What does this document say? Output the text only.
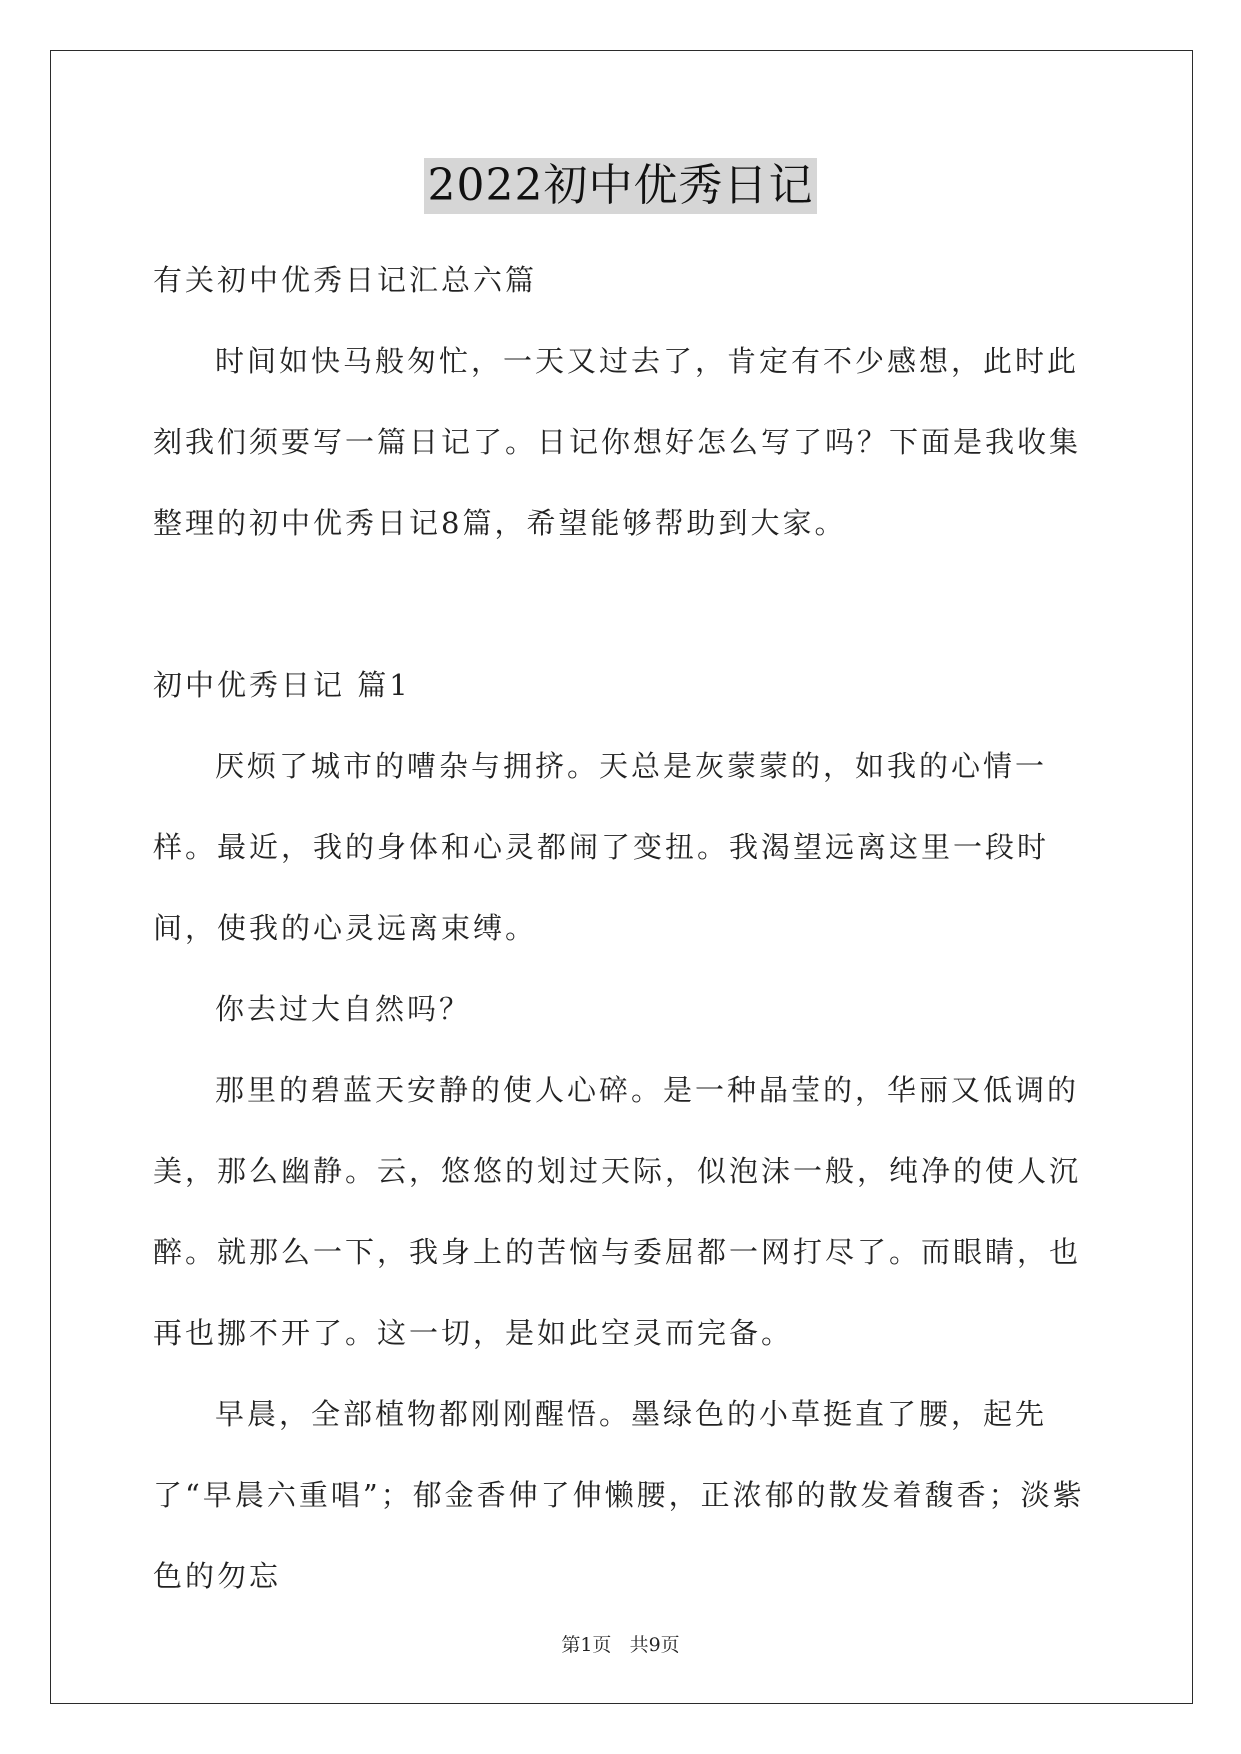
2022初中优秀日记

有关初中优秀日记汇总六篇

时间如快马般匆忙，一天又过去了，肯定有不少感想，此时此刻我们须要写一篇日记了。日记你想好怎么写了吗？下面是我收集整理的初中优秀日记8篇，希望能够帮助到大家。

初中优秀日记 篇1

厌烦了城市的嘈杂与拥挤。天总是灰蒙蒙的，如我的心情一样。最近，我的身体和心灵都闹了变扭。我渴望远离这里一段时间，使我的心灵远离束缚。

你去过大自然吗？

那里的碧蓝天安静的使人心碎。是一种晶莹的，华丽又低调的美，那么幽静。云，悠悠的划过天际，似泡沫一般，纯净的使人沉醉。就那么一下，我身上的苦恼与委屈都一网打尽了。而眼睛，也再也挪不开了。这一切，是如此空灵而完备。

早晨，全部植物都刚刚醒悟。墨绿色的小草挺直了腰，起先了“早晨六重唱”；郁金香伸了伸懒腰，正浓郁的散发着馥香；淡紫色的勿忘

第1页 共9页
